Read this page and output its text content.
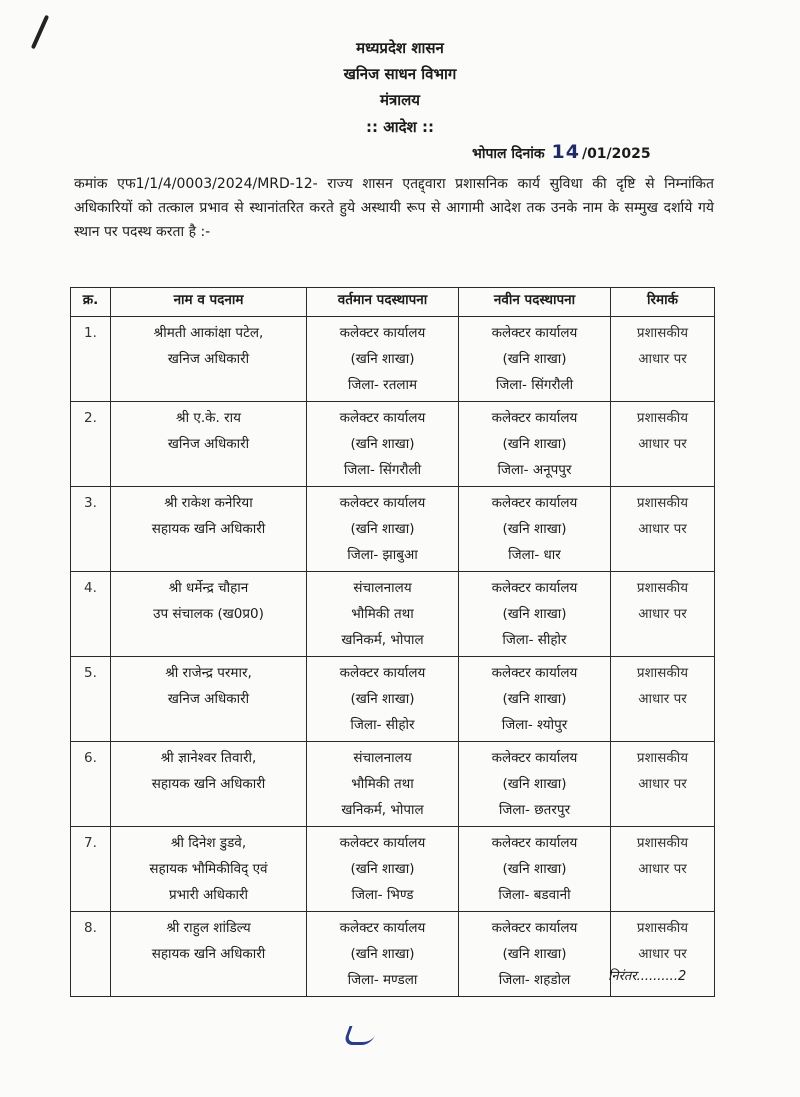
मध्यप्रदेश शासन
खनिज साधन विभाग
मंत्रालय
:: आदेश ::
भोपाल दिनांक 14 /01/2025
कमांक एफ1/1/4/0003/2024/MRD-12- राज्य शासन एतद्द्वारा प्रशासनिक कार्य सुविधा की दृष्टि से निम्नांकित अधिकारियों को तत्काल प्रभाव से स्थानांतरित करते हुये अस्थायी रूप से आगामी आदेश तक उनके नाम के सम्मुख दर्शाये गये स्थान पर पदस्थ करता है :-
क्र.	नाम व पदनाम	वर्तमान पदस्थापना	नवीन पदस्थापना	रिमार्क

1.	श्रीमती आकांक्षा पटेल,
खनिज अधिकारी	कलेक्टर कार्यालय
(खनि शाखा)
जिला- रतलाम	कलेक्टर कार्यालय
(खनि शाखा)
जिला- सिंगरौली	प्रशासकीय
आधार पर

2.	श्री ए.के. राय
खनिज अधिकारी	कलेक्टर कार्यालय
(खनि शाखा)
जिला- सिंगरौली	कलेक्टर कार्यालय
(खनि शाखा)
जिला- अनूपपुर	प्रशासकीय
आधार पर

3.	श्री राकेश कनेरिया
सहायक खनि अधिकारी	कलेक्टर कार्यालय
(खनि शाखा)
जिला- झाबुआ	कलेक्टर कार्यालय
(खनि शाखा)
जिला- धार	प्रशासकीय
आधार पर

4.	श्री धर्मेन्द्र चौहान
उप संचालक (ख0प्र0)	संचालनालय
भौमिकी तथा
खनिकर्म, भोपाल	कलेक्टर कार्यालय
(खनि शाखा)
जिला- सीहोर	प्रशासकीय
आधार पर

5.	श्री राजेन्द्र परमार,
खनिज अधिकारी	कलेक्टर कार्यालय
(खनि शाखा)
जिला- सीहोर	कलेक्टर कार्यालय
(खनि शाखा)
जिला- श्योपुर	प्रशासकीय
आधार पर

6.	श्री ज्ञानेश्वर तिवारी,
सहायक खनि अधिकारी	संचालनालय
भौमिकी तथा
खनिकर्म, भोपाल	कलेक्टर कार्यालय
(खनि शाखा)
जिला- छतरपुर	प्रशासकीय
आधार पर

7.	श्री दिनेश डुडवे,
सहायक भौमिकीविद् एवं
प्रभारी अधिकारी	कलेक्टर कार्यालय
(खनि शाखा)
जिला- भिण्ड	कलेक्टर कार्यालय
(खनि शाखा)
जिला- बडवानी	प्रशासकीय
आधार पर

8.	श्री राहुल शांडिल्य
सहायक खनि अधिकारी	कलेक्टर कार्यालय
(खनि शाखा)
जिला- मण्डला	कलेक्टर कार्यालय
(खनि शाखा)
जिला- शहडोल	प्रशासकीय
आधार पर
निरंतर..........2
